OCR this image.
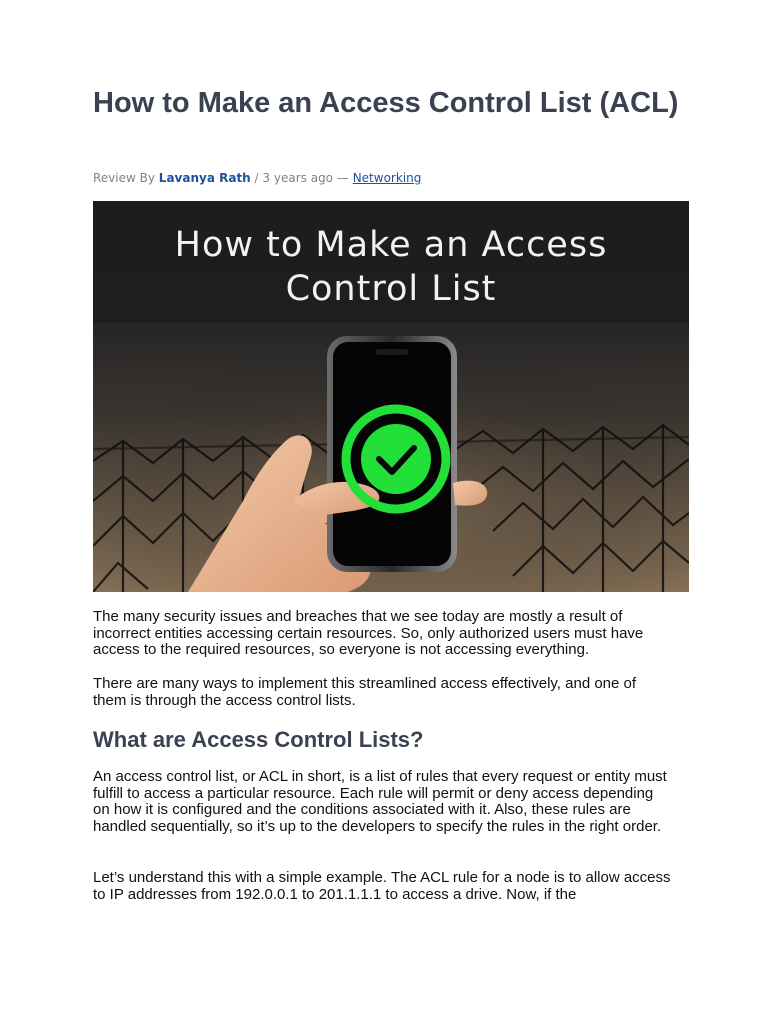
How to Make an Access Control List (ACL)

Review By Lavanya Rath / 3 years ago — Networking

How to Make an Access
Control List

The many security issues and breaches that we see today are mostly a result of incorrect entities accessing certain resources. So, only authorized users must have access to the required resources, so everyone is not accessing everything.

There are many ways to implement this streamlined access effectively, and one of them is through the access control lists.

What are Access Control Lists?

An access control list, or ACL in short, is a list of rules that every request or entity must fulfill to access a particular resource. Each rule will permit or deny access depending on how it is configured and the conditions associated with it. Also, these rules are handled sequentially, so it’s up to the developers to specify the rules in the right order.

Let’s understand this with a simple example. The ACL rule for a node is to allow access to IP addresses from 192.0.0.1 to 201.1.1.1 to access a drive. Now, if the
